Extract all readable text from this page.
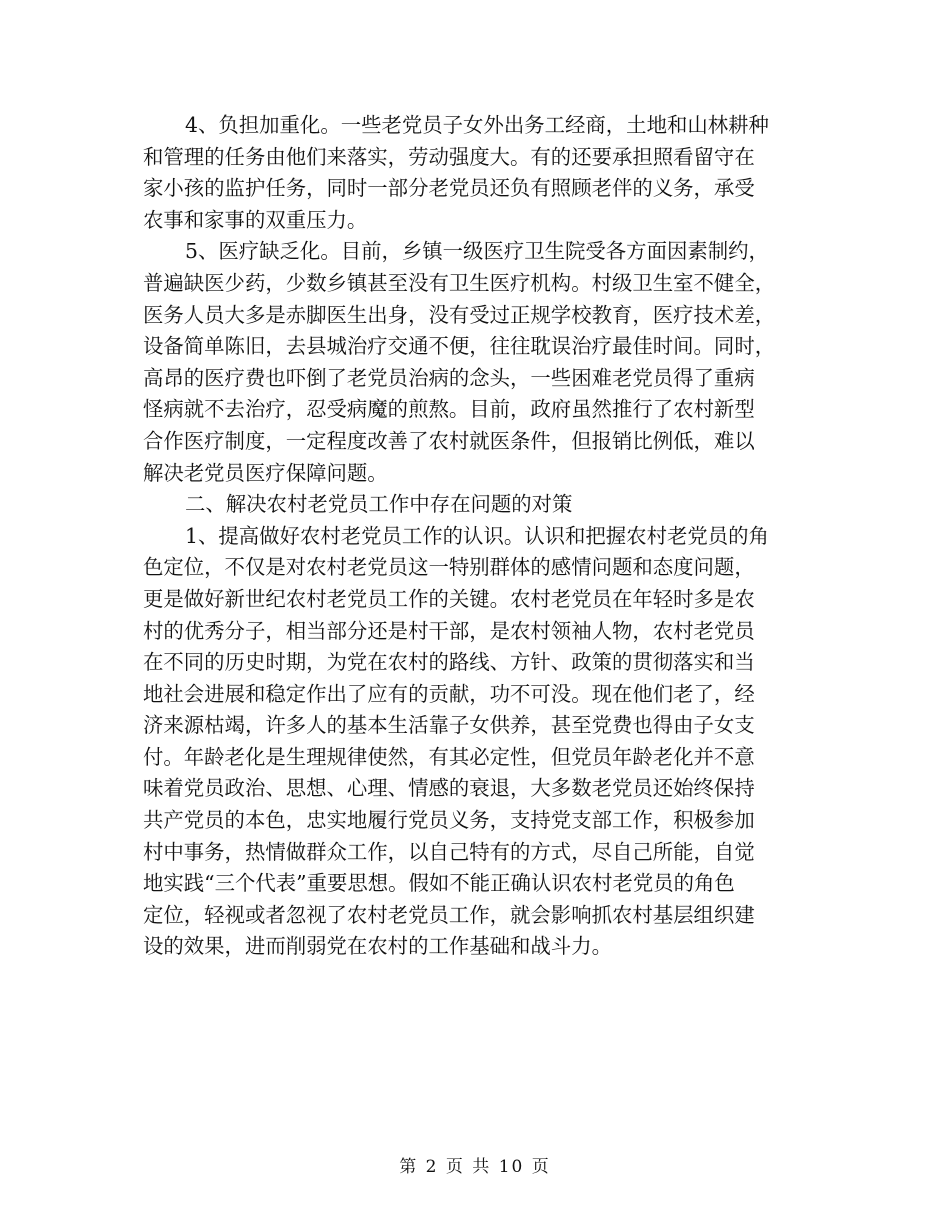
4、负担加重化。一些老党员子女外出务工经商，土地和山林耕种
和管理的任务由他们来落实，劳动强度大。有的还要承担照看留守在
家小孩的监护任务，同时一部分老党员还负有照顾老伴的义务，承受
农事和家事的双重压力。
5、医疗缺乏化。目前，乡镇一级医疗卫生院受各方面因素制约，
普遍缺医少药，少数乡镇甚至没有卫生医疗机构。村级卫生室不健全，
医务人员大多是赤脚医生出身，没有受过正规学校教育，医疗技术差，
设备简单陈旧，去县城治疗交通不便，往往耽误治疗最佳时间。同时，
高昂的医疗费也吓倒了老党员治病的念头，一些困难老党员得了重病
怪病就不去治疗，忍受病魔的煎熬。目前，政府虽然推行了农村新型
合作医疗制度，一定程度改善了农村就医条件，但报销比例低，难以
解决老党员医疗保障问题。
二、解决农村老党员工作中存在问题的对策
1、提高做好农村老党员工作的认识。认识和把握农村老党员的角
色定位，不仅是对农村老党员这一特别群体的感情问题和态度问题，
更是做好新世纪农村老党员工作的关键。农村老党员在年轻时多是农
村的优秀分子，相当部分还是村干部，是农村领袖人物，农村老党员
在不同的历史时期，为党在农村的路线、方针、政策的贯彻落实和当
地社会进展和稳定作出了应有的贡献，功不可没。现在他们老了，经
济来源枯竭，许多人的基本生活靠子女供养，甚至党费也得由子女支
付。年龄老化是生理规律使然，有其必定性，但党员年龄老化并不意
味着党员政治、思想、心理、情感的衰退，大多数老党员还始终保持
共产党员的本色，忠实地履行党员义务，支持党支部工作，积极参加
村中事务，热情做群众工作，以自己特有的方式，尽自己所能，自觉
地实践“三个代表”重要思想。假如不能正确认识农村老党员的角色
定位，轻视或者忽视了农村老党员工作，就会影响抓农村基层组织建
设的效果，进而削弱党在农村的工作基础和战斗力。
第 2 页 共 10 页
